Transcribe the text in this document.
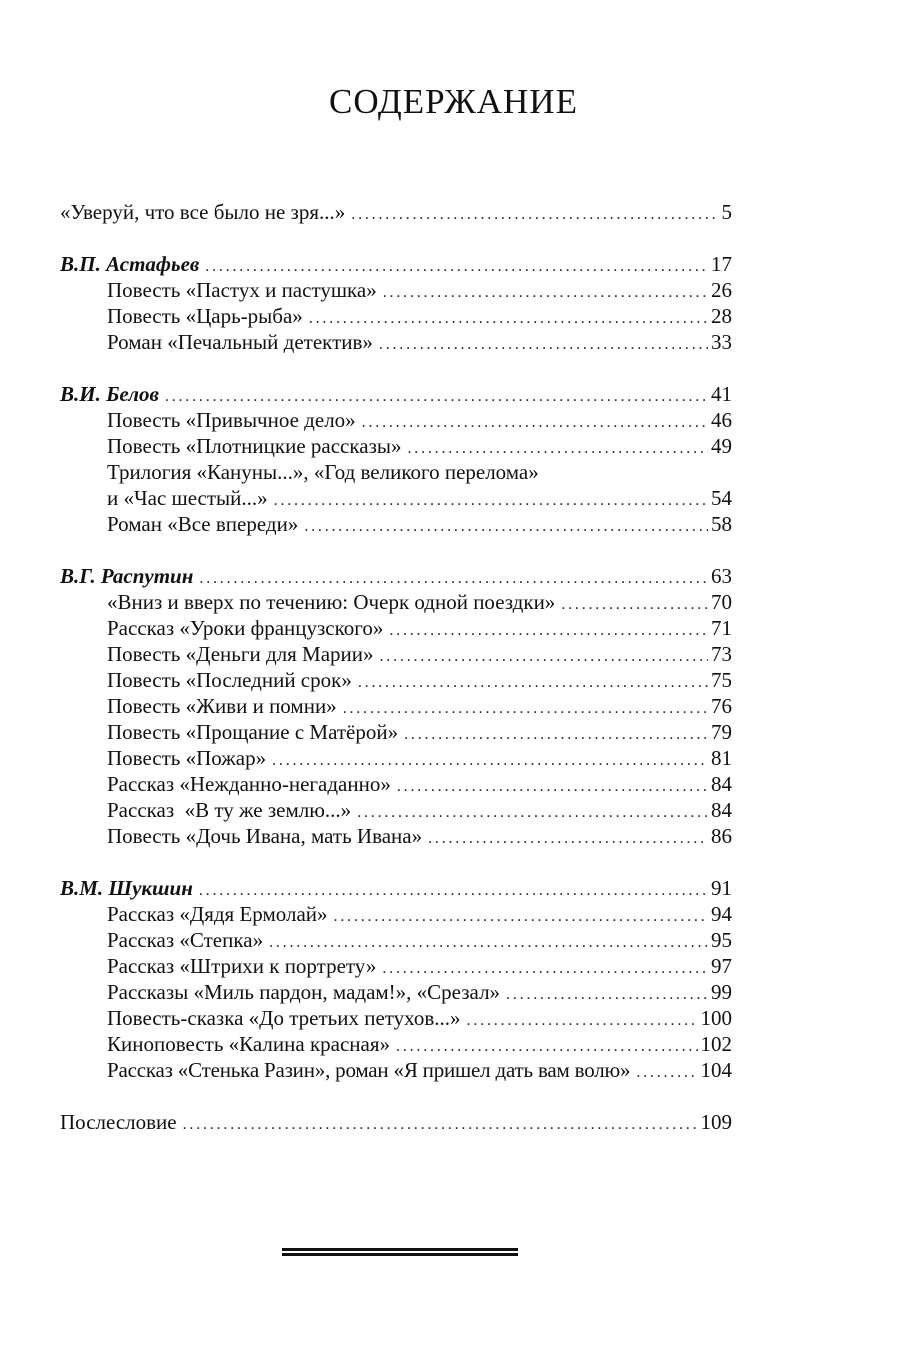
СОДЕРЖАНИЕ
«Уверуй, что все было не зря...» .....	5
В.П. Астафьев .....	17
Повесть «Пастух и пастушка» .....	26
Повесть «Царь-рыба» .....	28
Роман «Печальный детектив» .....	33
В.И. Белов .....	41
Повесть «Привычное дело» .....	46
Повесть «Плотницкие рассказы» .....	49
Трилогия «Кануны...», «Год великого перелома»
и «Час шестый...» .....	54
Роман «Все впереди» .....	58
В.Г. Распутин .....	63
«Вниз и вверх по течению: Очерк одной поездки» .....	70
Рассказ «Уроки французского» .....	71
Повесть «Деньги для Марии» .....	73
Повесть «Последний срок» .....	75
Повесть «Живи и помни» .....	76
Повесть «Прощание с Матёрой» .....	79
Повесть «Пожар» .....	81
Рассказ «Нежданно-негаданно» .....	84
Рассказ  «В ту же землю...» .....	84
Повесть «Дочь Ивана, мать Ивана» .....	86
В.М. Шукшин .....	91
Рассказ «Дядя Ермолай» .....	94
Рассказ «Степка» .....	95
Рассказ «Штрихи к портрету» .....	97
Рассказы «Миль пардон, мадам!», «Срезал» .....	99
Повесть-сказка «До третьих петухов...» .....	100
Киноповесть «Калина красная» .....	102
Рассказ «Стенька Разин», роман «Я пришел дать вам волю» .....	104
Послесловие .....	109
